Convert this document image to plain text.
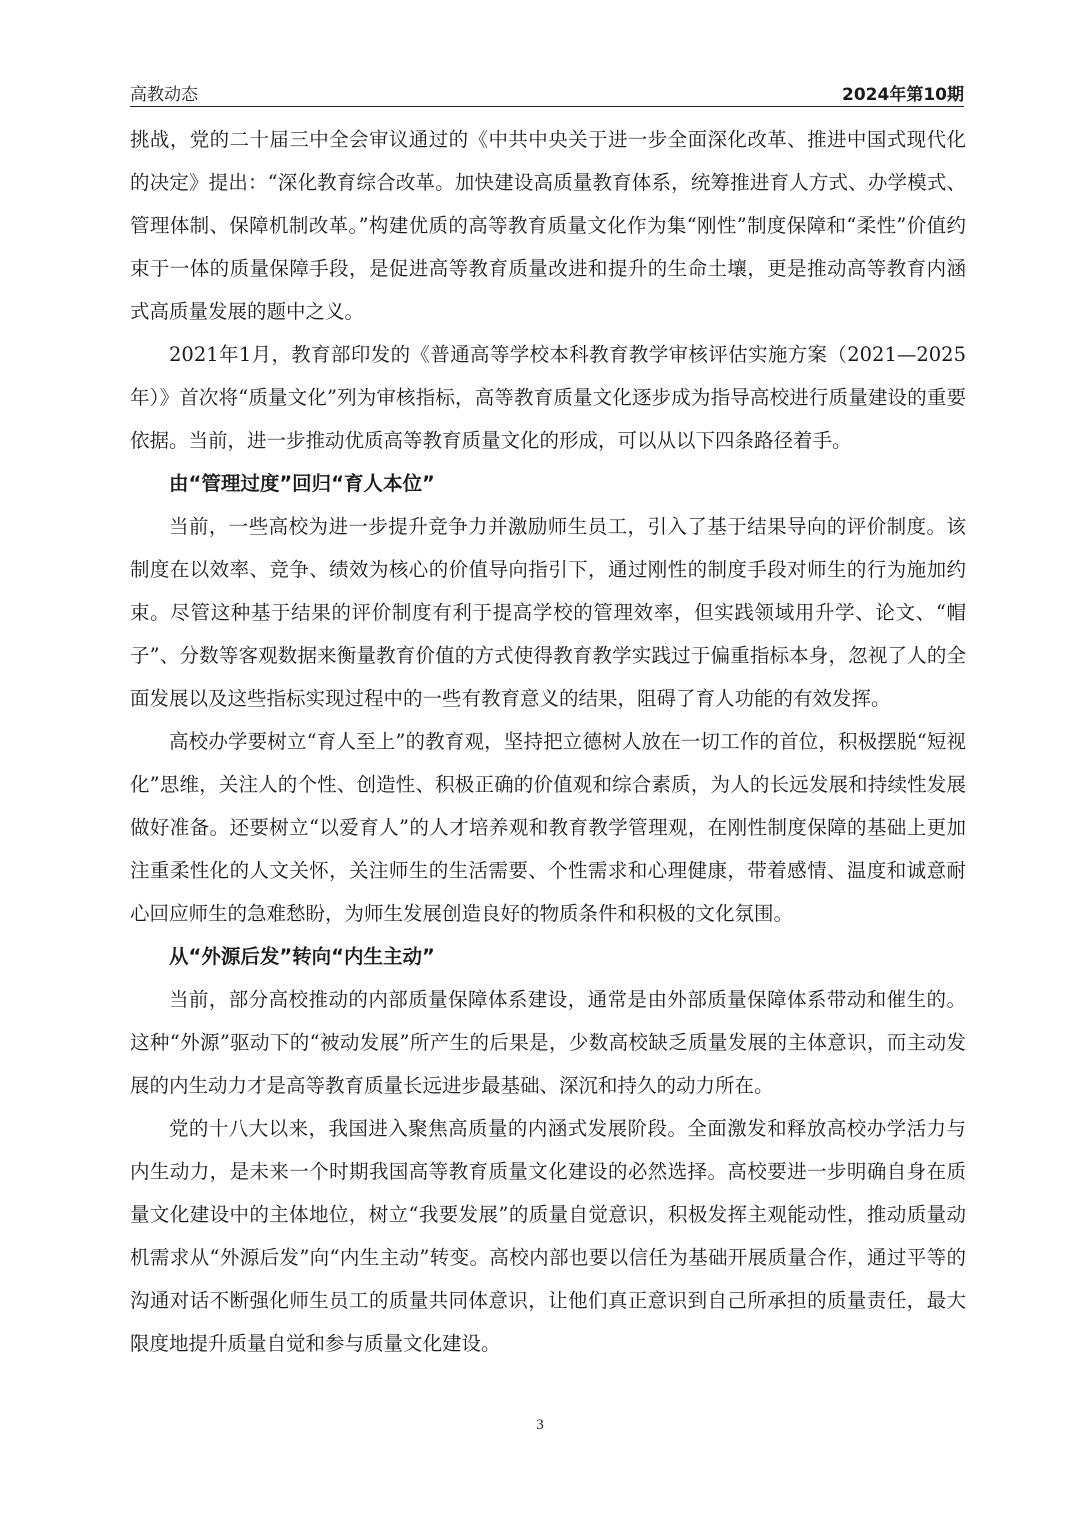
高教动态	2024年第10期

挑战，党的二十届三中全会审议通过的《中共中央关于进一步全面深化改革、推进中国式现代化的决定》提出：“深化教育综合改革。加快建设高质量教育体系，统筹推进育人方式、办学模式、管理体制、保障机制改革。”构建优质的高等教育质量文化作为集“刚性”制度保障和“柔性”价值约束于一体的质量保障手段，是促进高等教育质量改进和提升的生命土壤，更是推动高等教育内涵式高质量发展的题中之义。

2021年1月，教育部印发的《普通高等学校本科教育教学审核评估实施方案（2021—2025年）》首次将“质量文化”列为审核指标，高等教育质量文化逐步成为指导高校进行质量建设的重要依据。当前，进一步推动优质高等教育质量文化的形成，可以从以下四条路径着手。

由“管理过度”回归“育人本位”

当前，一些高校为进一步提升竞争力并激励师生员工，引入了基于结果导向的评价制度。该制度在以效率、竞争、绩效为核心的价值导向指引下，通过刚性的制度手段对师生的行为施加约束。尽管这种基于结果的评价制度有利于提高学校的管理效率，但实践领域用升学、论文、“帽子”、分数等客观数据来衡量教育价值的方式使得教育教学实践过于偏重指标本身，忽视了人的全面发展以及这些指标实现过程中的一些有教育意义的结果，阻碍了育人功能的有效发挥。

高校办学要树立“育人至上”的教育观，坚持把立德树人放在一切工作的首位，积极摆脱“短视化”思维，关注人的个性、创造性、积极正确的价值观和综合素质，为人的长远发展和持续性发展做好准备。还要树立“以爱育人”的人才培养观和教育教学管理观，在刚性制度保障的基础上更加注重柔性化的人文关怀，关注师生的生活需要、个性需求和心理健康，带着感情、温度和诚意耐心回应师生的急难愁盼，为师生发展创造良好的物质条件和积极的文化氛围。

从“外源后发”转向“内生主动”

当前，部分高校推动的内部质量保障体系建设，通常是由外部质量保障体系带动和催生的。这种“外源”驱动下的“被动发展”所产生的后果是，少数高校缺乏质量发展的主体意识，而主动发展的内生动力才是高等教育质量长远进步最基础、深沉和持久的动力所在。

党的十八大以来，我国进入聚焦高质量的内涵式发展阶段。全面激发和释放高校办学活力与内生动力，是未来一个时期我国高等教育质量文化建设的必然选择。高校要进一步明确自身在质量文化建设中的主体地位，树立“我要发展”的质量自觉意识，积极发挥主观能动性，推动质量动机需求从“外源后发”向“内生主动”转变。高校内部也要以信任为基础开展质量合作，通过平等的沟通对话不断强化师生员工的质量共同体意识，让他们真正意识到自己所承担的质量责任，最大限度地提升质量自觉和参与质量文化建设。

3
